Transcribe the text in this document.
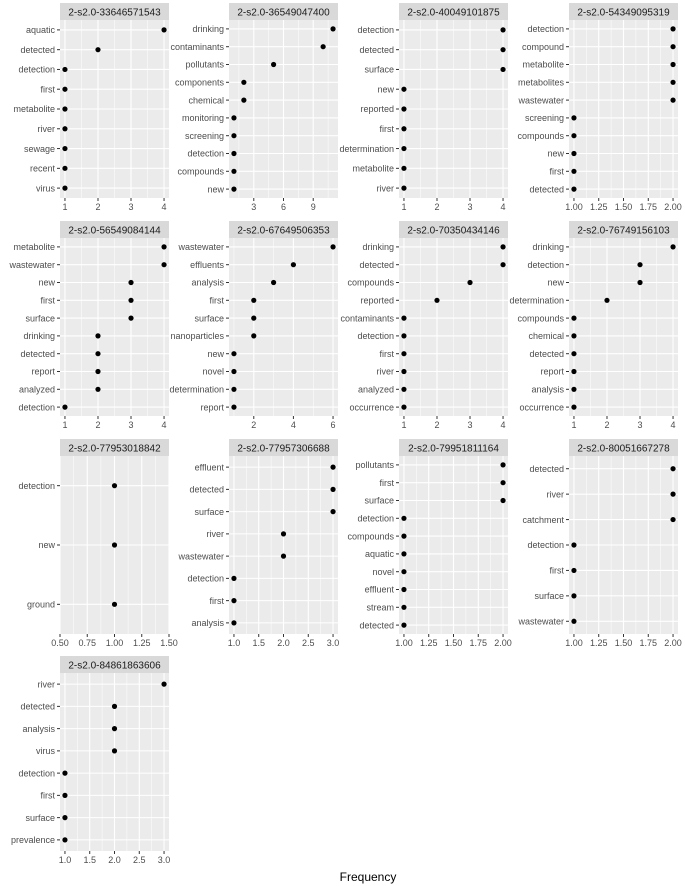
2-s2.0-33646571543
1	2	3	4
aquatic
detected
detection
first
metabolite
river
sewage
recent
virus
2-s2.0-36549047400
3	6	9
drinking
contaminants
pollutants
components
chemical
monitoring
screening
detection
compounds
new
2-s2.0-40049101875
1	2	3	4
detection
detected
surface
new
reported
first
determination
metabolite
river
2-s2.0-54349095319
1.00 1.25 1.50 1.75 2.00
detection
compound
metabolite
metabolites
wastewater
screening
compounds
new
first
detected
2-s2.0-56549084144
1	2	3	4
metabolite
wastewater
new
first
surface
drinking
detected
report
analyzed
detection
2-s2.0-67649506353
2	4	6
wastewater
effluents
analysis
first
surface
nanoparticles
new
novel
determination
report
2-s2.0-70350434146
1	2	3	4
drinking
detected
compounds
reported
contaminants
detection
first
river
analyzed
occurrence
2-s2.0-76749156103
1	2	3	4
drinking
detection
new
determination
compounds
chemical
detected
report
analysis
occurrence
2-s2.0-77953018842
0.50 0.75 1.00 1.25 1.50
detection
new
ground
2-s2.0-77957306688
1.0 1.5 2.0 2.5 3.0
effluent
detected
surface
river
wastewater
detection
first
analysis
2-s2.0-79951811164
1.00 1.25 1.50 1.75 2.00
pollutants
first
surface
detection
compounds
aquatic
novel
effluent
stream
detected
2-s2.0-80051667278
1.00 1.25 1.50 1.75 2.00
detected
river
catchment
detection
first
surface
wastewater
2-s2.0-84861863606
1.0 1.5 2.0 2.5 3.0
river
detected
analysis
virus
detection
first
surface
prevalence
Frequency
